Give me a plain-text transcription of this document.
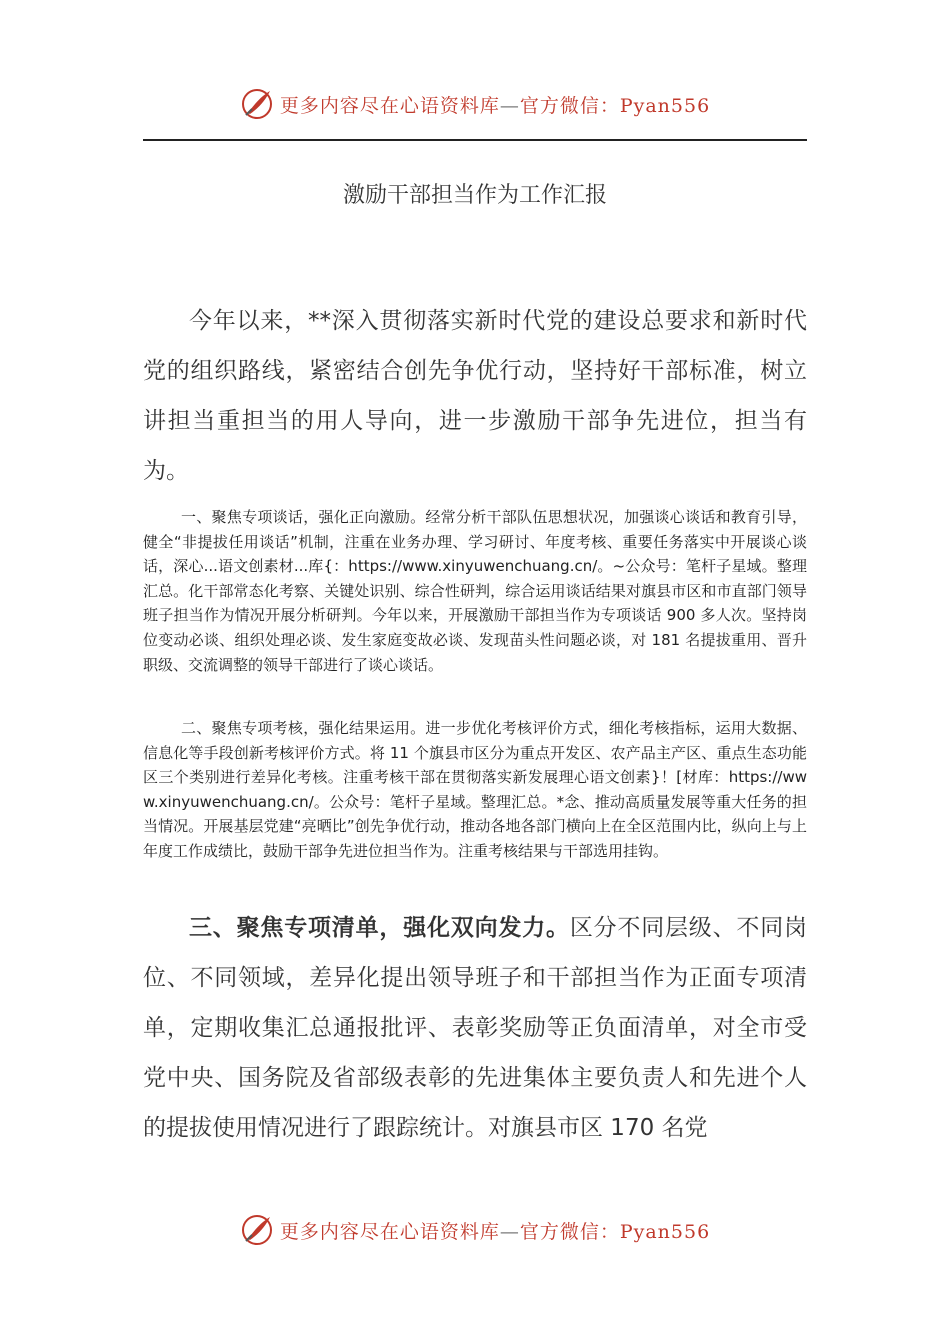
更多内容尽在心语资料库—官方微信：Pyan556
激励干部担当作为工作汇报

今年以来，**深入贯彻落实新时代党的建设总要求和新时代党的组织路线，紧密结合创先争优行动，坚持好干部标准，树立讲担当重担当的用人导向，进一步激励干部争先进位，担当有为。

一、聚焦专项谈话，强化正向激励。经常分析干部队伍思想状况，加强谈心谈话和教育引导，健全“非提拔任用谈话”机制，注重在业务办理、学习研讨、年度考核、重要任务落实中开展谈心谈话，深心...语文创素材...库{：https://www.xinyuwenchuang.cn/。~公众号：笔杆子星域。整理汇总。化干部常态化考察、关键处识别、综合性研判，综合运用谈话结果对旗县市区和市直部门领导班子担当作为情况开展分析研判。今年以来，开展激励干部担当作为专项谈话 900 多人次。坚持岗位变动必谈、组织处理必谈、发生家庭变故必谈、发现苗头性问题必谈，对 181 名提拔重用、晋升职级、交流调整的领导干部进行了谈心谈话。

二、聚焦专项考核，强化结果运用。进一步优化考核评价方式，细化考核指标，运用大数据、信息化等手段创新考核评价方式。将 11 个旗县市区分为重点开发区、农产品主产区、重点生态功能区三个类别进行差异化考核。注重考核干部在贯彻落实新发展理心语文创素}！[材库：https://www.xinyuwenchuang.cn/。公众号：笔杆子星域。整理汇总。*念、推动高质量发展等重大任务的担当情况。开展基层党建“亮晒比”创先争优行动，推动各地各部门横向上在全区范围内比，纵向上与上年度工作成绩比，鼓励干部争先进位担当作为。注重考核结果与干部选用挂钩。

三、聚焦专项清单，强化双向发力。区分不同层级、不同岗位、不同领域，差异化提出领导班子和干部担当作为正面专项清单，定期收集汇总通报批评、表彰奖励等正负面清单，对全市受党中央、国务院及省部级表彰的先进集体主要负责人和先进个人的提拔使用情况进行了跟踪统计。对旗县市区 170 名党

更多内容尽在心语资料库—官方微信：Pyan556
